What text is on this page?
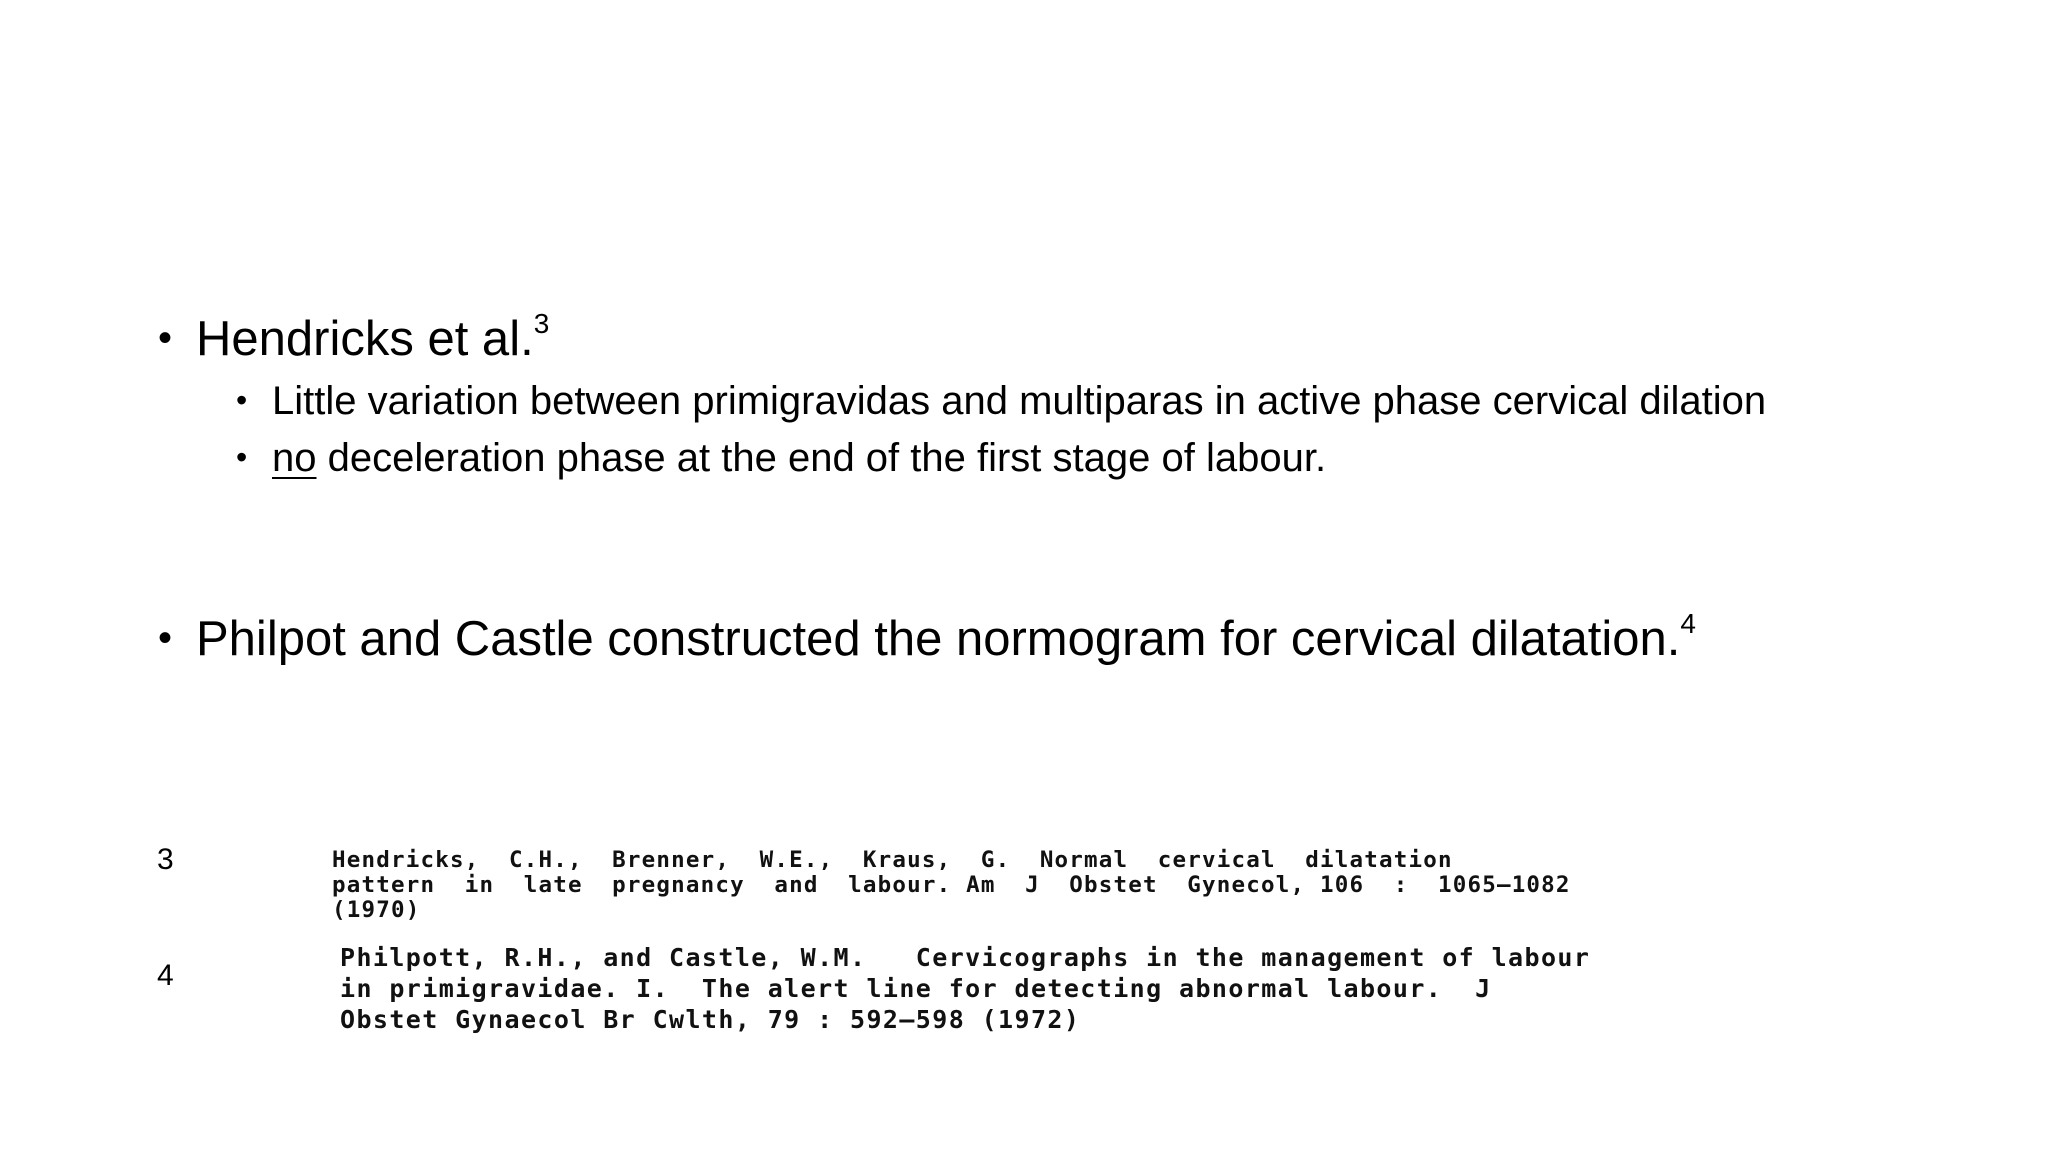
• Hendricks et al.$^3$
• Little variation between primigravidas and multiparas in active phase cervical dilation
• no deceleration phase at the end of the first stage of labour.
• Philpot and Castle constructed the normogram for cervical dilatation.$^4$
3	Hendricks,  C.H.,  Brenner,  W.E.,  Kraus,  G.  Normal  cervical  dilatation
pattern  in  late  pregnancy  and  labour. Am  J  Obstet  Gynecol, 106  :  1065–1082
(1970)
4
Philpott, R.H., and Castle, W.M.   Cervicographs in the management of labour
in primigravidae. I.  The alert line for detecting abnormal labour.  J
Obstet Gynaecol Br Cwlth, 79 : 592–598 (1972)
